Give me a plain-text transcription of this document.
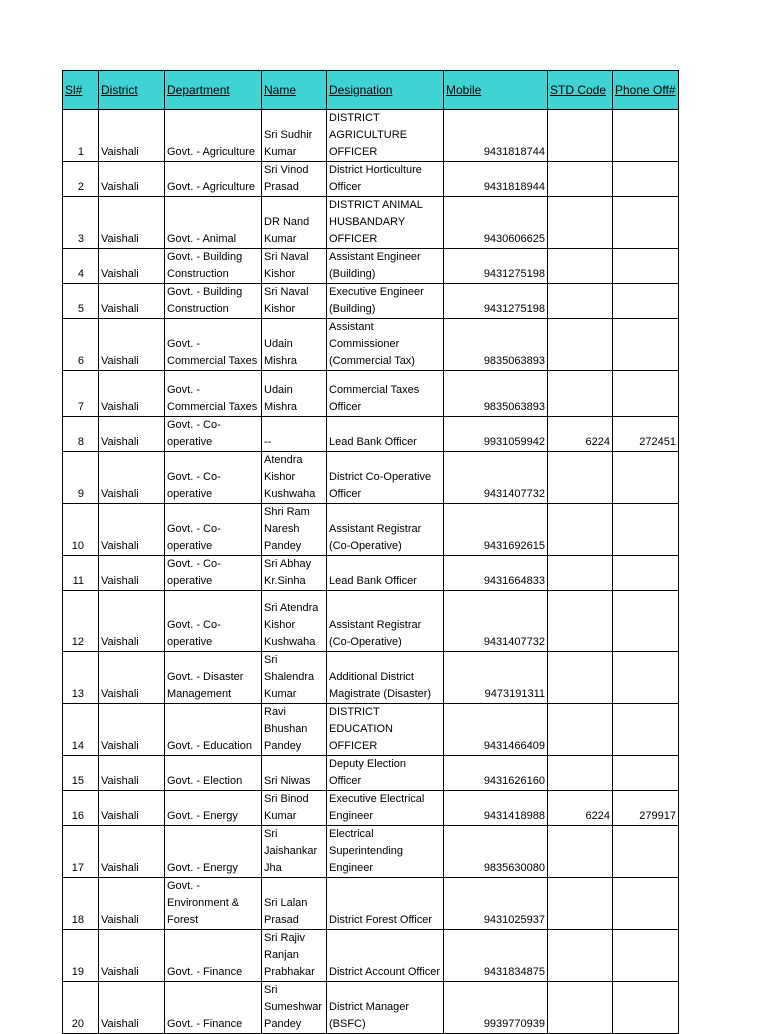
Sl#	District	Department	Name	Designation	Mobile	STD Code	Phone Off#
1	Vaishali	Govt. - Agriculture	Sri Sudhir Kumar	DISTRICT AGRICULTURE OFFICER	9431818744		
2	Vaishali	Govt. - Agriculture	Sri Vinod Prasad	District Horticulture Officer	9431818944		
3	Vaishali	Govt. - Animal	DR Nand Kumar	DISTRICT ANIMAL HUSBANDARY OFFICER	9430606625		
4	Vaishali	Govt. - Building Construction	Sri Naval Kishor	Assistant Engineer (Building)	9431275198		
5	Vaishali	Govt. - Building Construction	Sri Naval Kishor	Executive Engineer (Building)	9431275198		
6	Vaishali	Govt. - Commercial Taxes	Udain Mishra	Assistant Commissioner (Commercial Tax)	9835063893		
7	Vaishali	Govt. - Commercial Taxes	Udain Mishra	Commercial Taxes Officer	9835063893		
8	Vaishali	Govt. - Co-operative	--	Lead Bank Officer	9931059942	6224	272451
9	Vaishali	Govt. - Co-operative	Atendra Kishor Kushwaha	District Co-Operative Officer	9431407732		
10	Vaishali	Govt. - Co-operative	Shri Ram Naresh Pandey	Assistant Registrar (Co-Operative)	9431692615		
11	Vaishali	Govt. - Co-operative	Sri Abhay Kr.Sinha	Lead Bank Officer	9431664833		
12	Vaishali	Govt. - Co-operative	Sri Atendra Kishor Kushwaha	Assistant Registrar (Co-Operative)	9431407732		
13	Vaishali	Govt. - Disaster Management	Sri Shalendra Kumar	Additional District Magistrate (Disaster)	9473191311		
14	Vaishali	Govt. - Education	Ravi Bhushan Pandey	DISTRICT EDUCATION OFFICER	9431466409		
15	Vaishali	Govt. - Election	Sri Niwas	Deputy Election Officer	9431626160		
16	Vaishali	Govt. - Energy	Sri Binod Kumar	Executive Electrical Engineer	9431418988	6224	279917
17	Vaishali	Govt. - Energy	Sri Jaishankar Jha	Electrical Superintending Engineer	9835630080		
18	Vaishali	Govt. - Environment & Forest	Sri Lalan Prasad	District Forest Officer	9431025937		
19	Vaishali	Govt. - Finance	Sri Rajiv Ranjan Prabhakar	District Account Officer	9431834875		
20	Vaishali	Govt. - Finance	Sri Sumeshwar Pandey	District Manager (BSFC)	9939770939		
